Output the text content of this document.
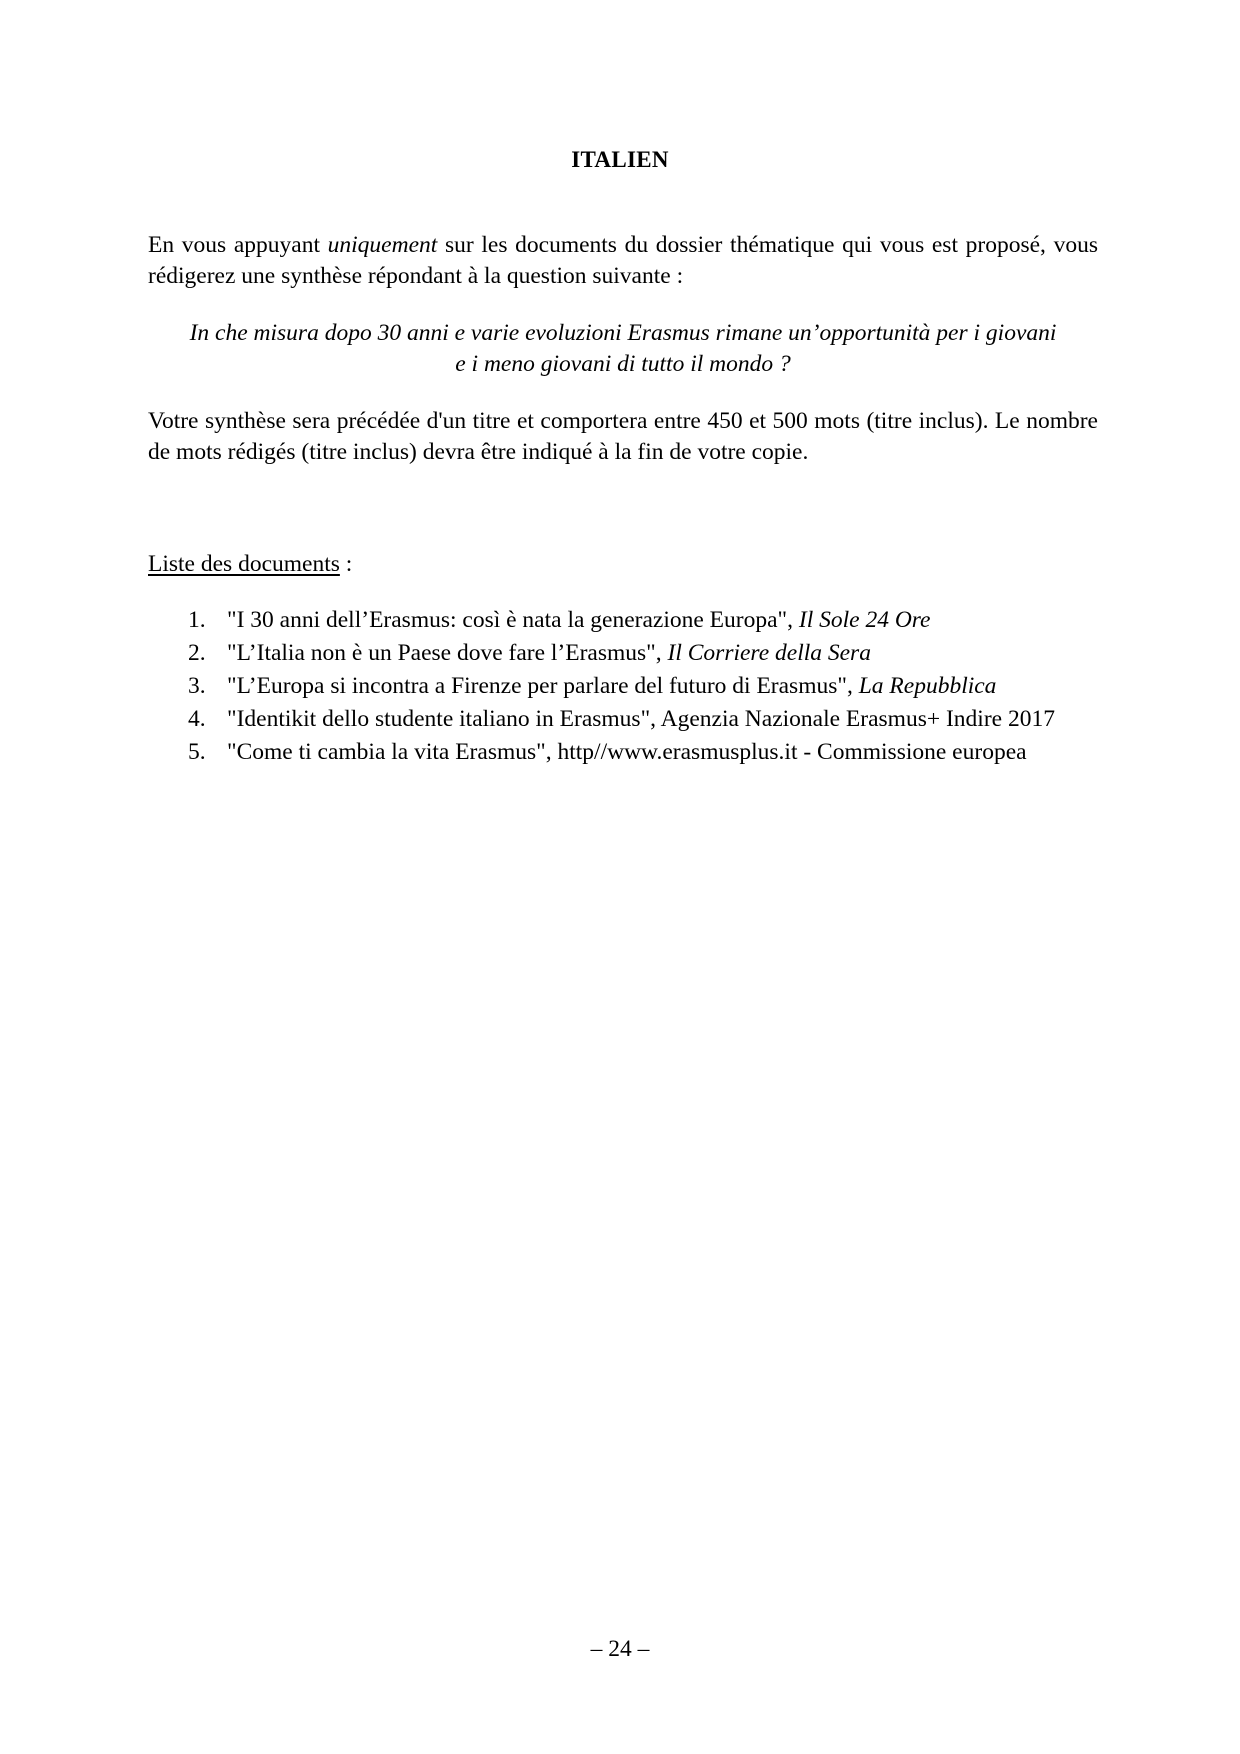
ITALIEN

En vous appuyant uniquement sur les documents du dossier thématique qui vous est proposé, vous rédigerez une synthèse répondant à la question suivante :

In che misura dopo 30 anni e varie evoluzioni Erasmus rimane un’opportunità per i giovani
e i meno giovani di tutto il mondo ?

Votre synthèse sera précédée d'un titre et comportera entre 450 et 500 mots (titre inclus). Le nombre de mots rédigés (titre inclus) devra être indiqué à la fin de votre copie.

Liste des documents :
1. "I 30 anni dell’Erasmus: così è nata la generazione Europa", Il Sole 24 Ore
2. "L’Italia non è un Paese dove fare l’Erasmus", Il Corriere della Sera
3. "L’Europa si incontra a Firenze per parlare del futuro di Erasmus", La Repubblica
4. "Identikit dello studente italiano in Erasmus", Agenzia Nazionale Erasmus+ Indire 2017
5. "Come ti cambia la vita Erasmus", http//www.erasmusplus.it - Commissione europea
– 24 –
